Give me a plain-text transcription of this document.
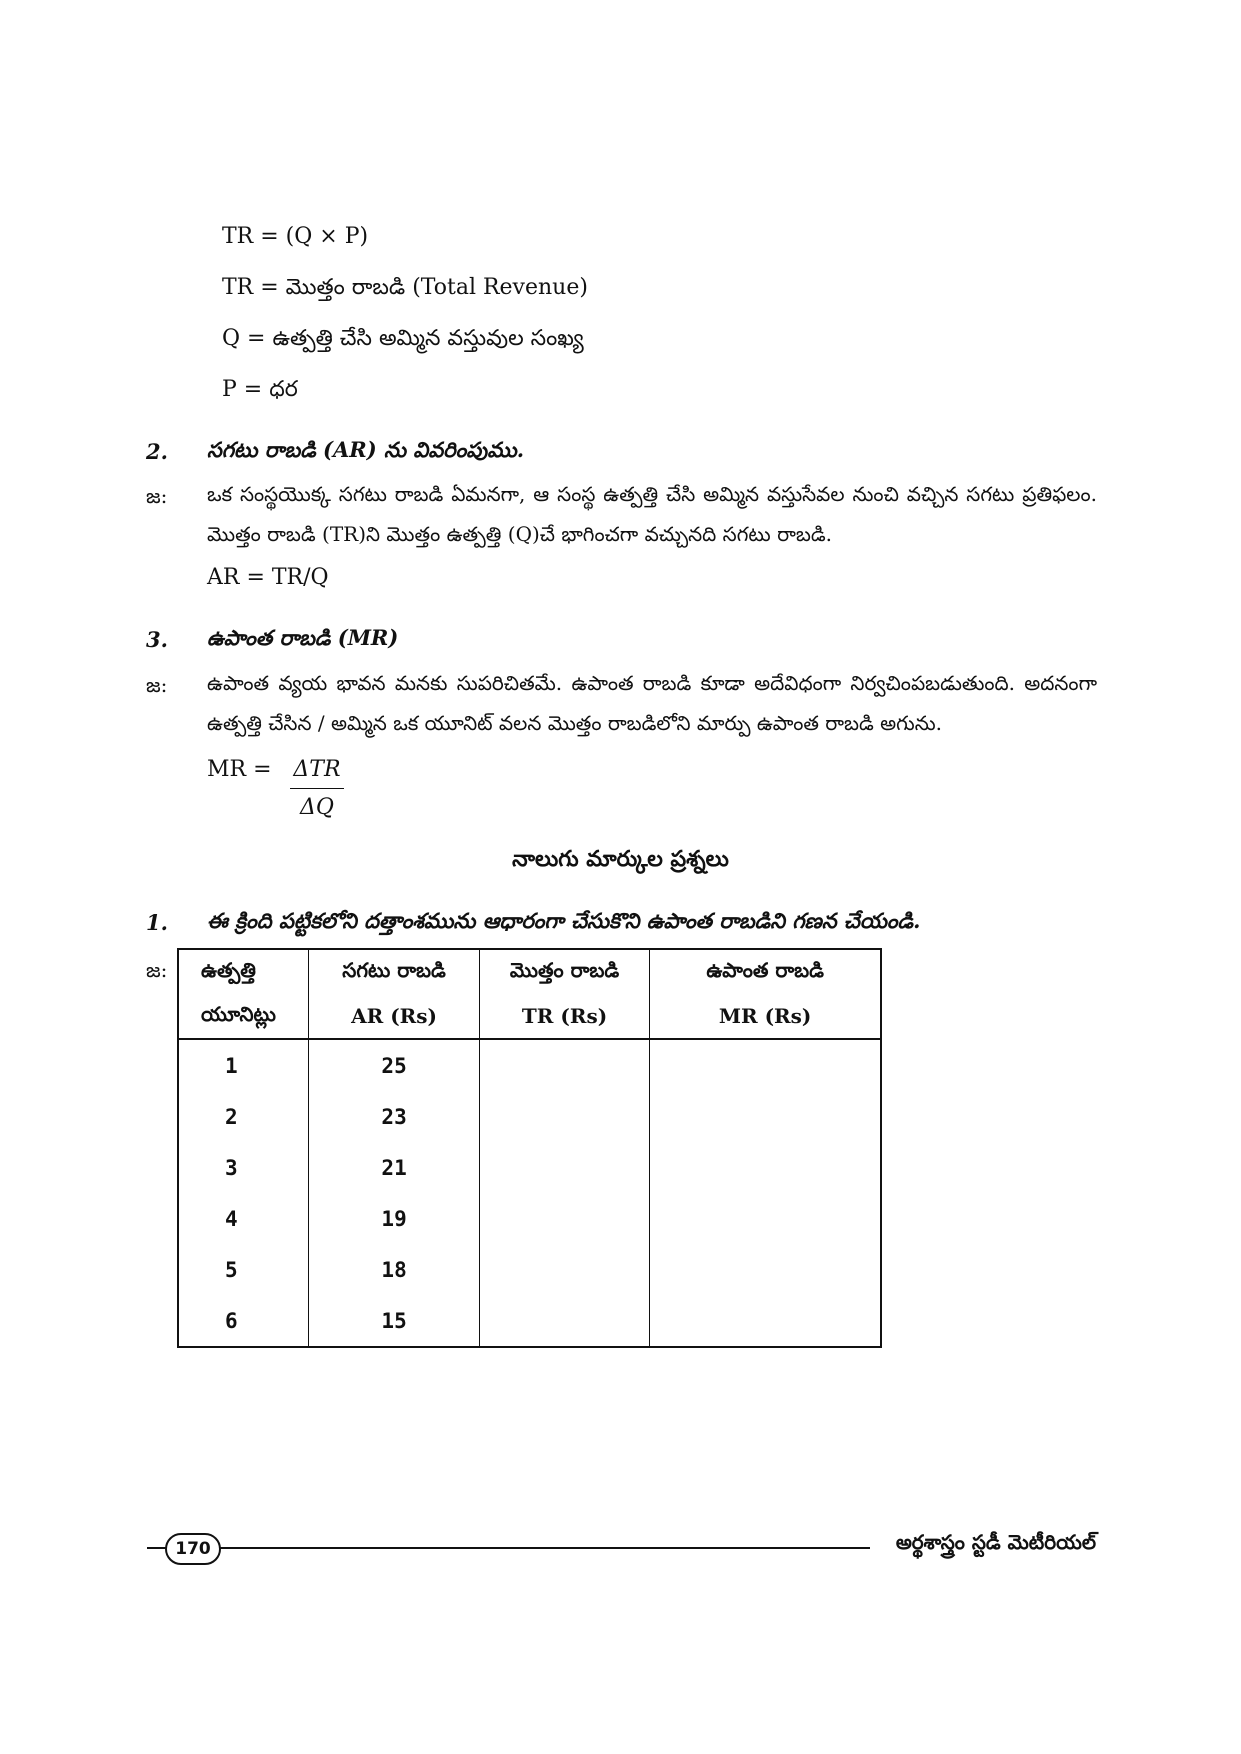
TR = (Q × P)
TR = మొత్తం రాబడి (Total Revenue)
Q = ఉత్పత్తి చేసి అమ్మిన వస్తువుల సంఖ్య
P = ధర
2. సగటు రాబడి (AR) ను వివరింపుము.
జ: ఒక సంస్థయొక్క సగటు రాబడి ఏమనగా, ఆ సంస్థ ఉత్పత్తి చేసి అమ్మిన వస్తుసేవల నుంచి వచ్చిన సగటు ప్రతిఫలం. మొత్తం రాబడి (TR)ని మొత్తం ఉత్పత్తి (Q)చే భాగించగా వచ్చునది సగటు రాబడి.
AR = TR/Q
3. ఉపాంత రాబడి (MR)
జ: ఉపాంత వ్యయ భావన మనకు సుపరిచితమే. ఉపాంత రాబడి కూడా అదేవిధంగా నిర్వచింపబడుతుంది. అదనంగా ఉత్పత్తి చేసిన / అమ్మిన ఒక యూనిట్ వలన మొత్తం రాబడిలోని మార్పు ఉపాంత రాబడి అగును.
MR = ΔTR
ΔQ
నాలుగు మార్కుల ప్రశ్నలు
1. ఈ క్రింది పట్టికలోని దత్తాంశమును ఆధారంగా చేసుకొని ఉపాంత రాబడిని గణన చేయండి.
జ: ఉత్పత్తి	సగటు రాబడి	మొత్తం రాబడి	ఉపాంత రాబడి
యూనిట్లు	AR (Rs)	TR (Rs)	MR (Rs)
1	25		
2	23		
3	21		
4	19		
5	18		
6	15		
170	అర్థశాస్త్రం స్టడీ మెటీరియల్
